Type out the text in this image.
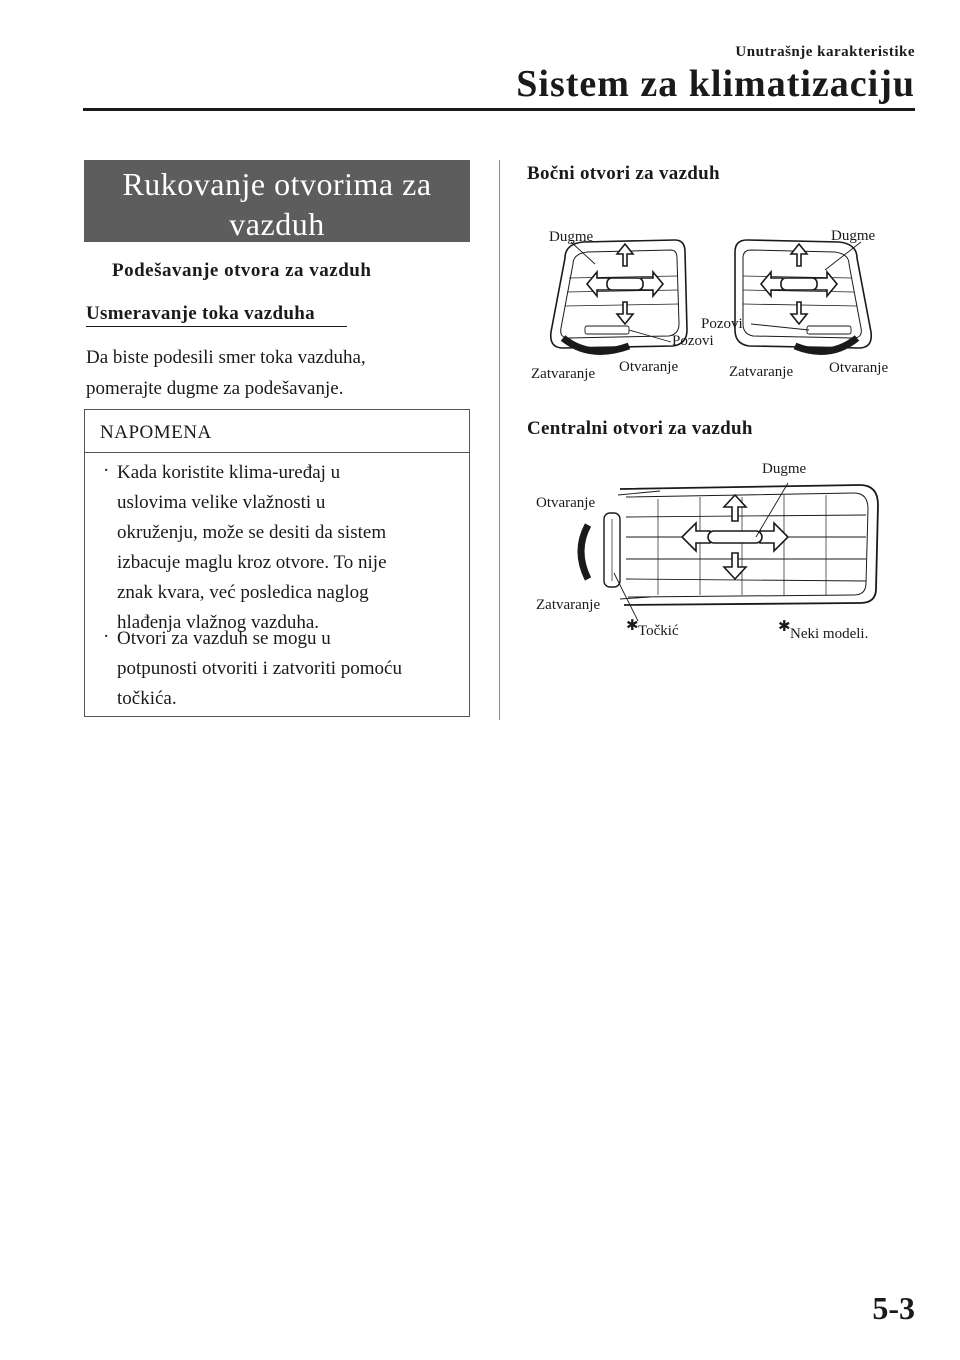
Unutrašnje karakteristike
Sistem za klimatizaciju
Rukovanje otvorima za
vazduh
Podešavanje otvora za vazduh
Usmeravanje toka vazduha
Da biste podesili smer toka vazduha,
pomerajte dugme za podešavanje.
NAPOMENA
· Kada koristite klima-uređaj u
uslovima velike vlažnosti u
okruženju, može se desiti da sistem
izbacuje maglu kroz otvore. To nije
znak kvara, već posledica naglog
hlađenja vlažnog vazduha.
· Otvori za vazduh se mogu u
potpunosti otvoriti i zatvoriti pomoću
točkića.
Bočni otvori za vazduh
Dugme	Dugme
Pozovi
Pozovi
Zatvaranje Otvaranje	Zatvaranje Otvaranje
Centralni otvori za vazduh
Dugme
Otvaranje
Zatvaranje
✱ Točkić	✱ Neki modeli.
5-3
